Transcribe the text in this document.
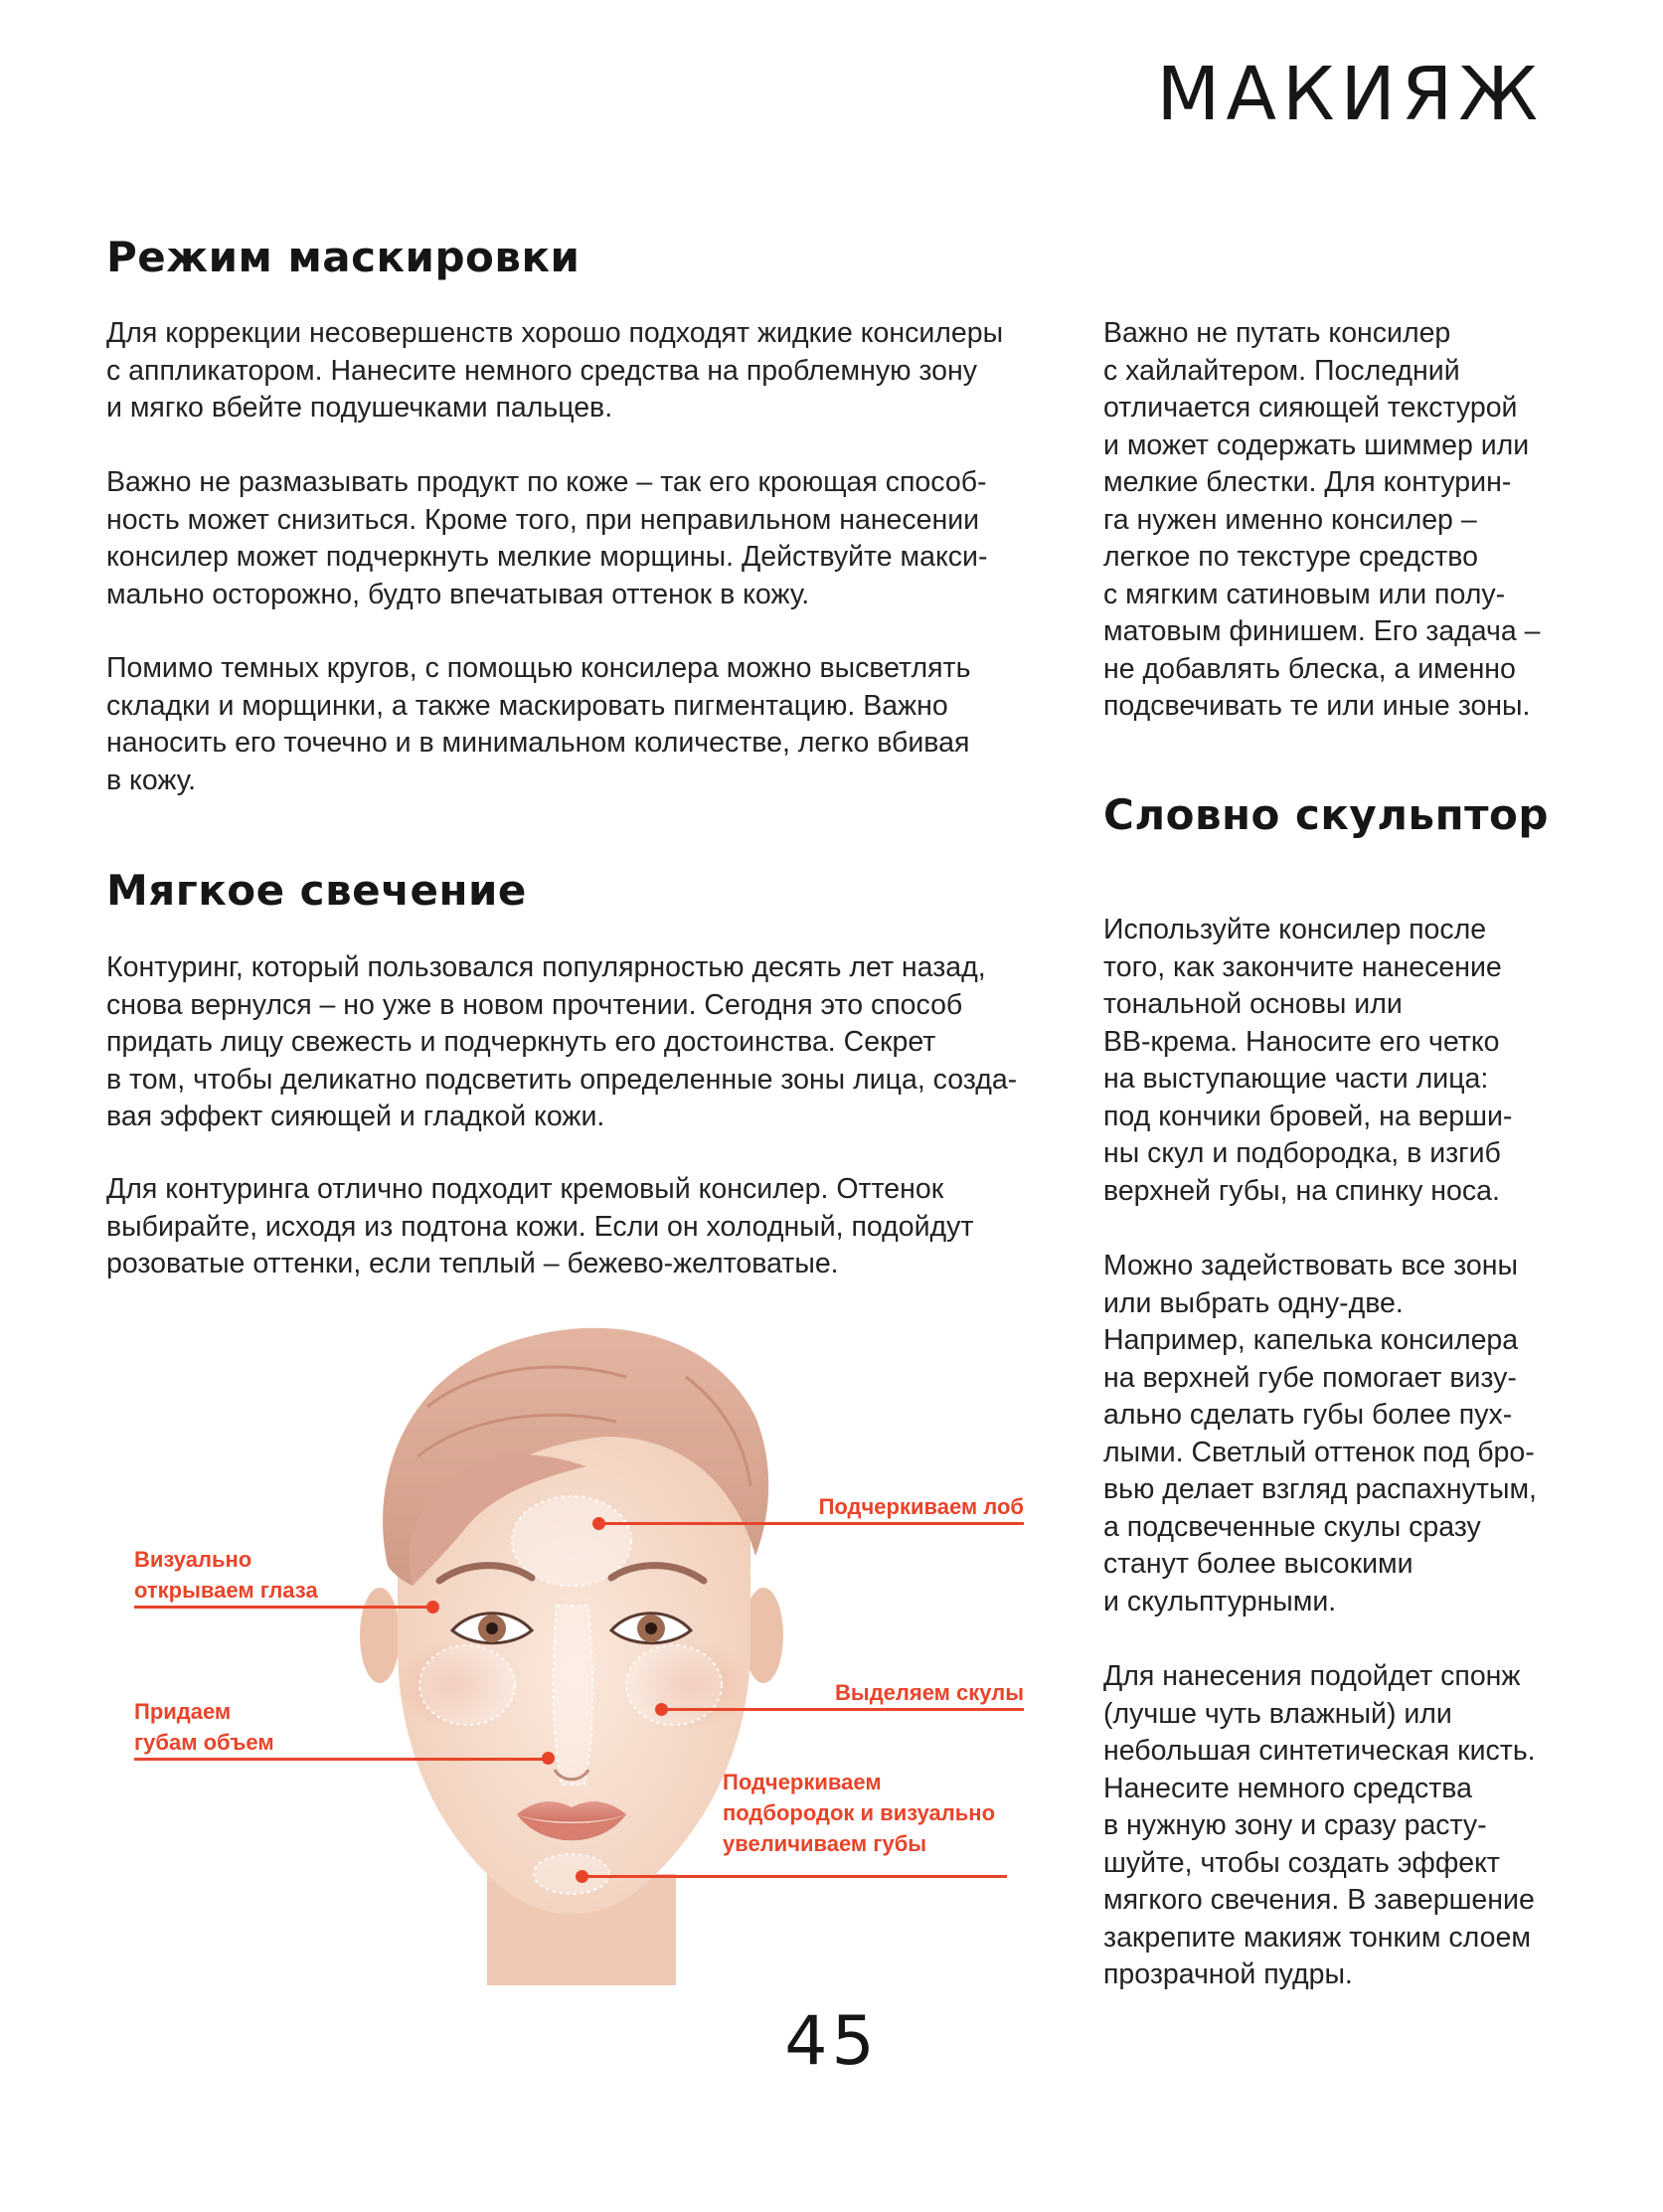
МАКИЯЖ
Режим маскировки

Для коррекции несовершенств хорошо подходят жидкие консилеры
с аппликатором. Нанесите немного средства на проблемную зону
и мягко вбейте подушечками пальцев.

Важно не размазывать продукт по коже – так его кроющая способ-
ность может снизиться. Кроме того, при неправильном нанесении
консилер может подчеркнуть мелкие морщины. Действуйте макси-
мально осторожно, будто впечатывая оттенок в кожу.

Помимо темных кругов, с помощью консилера можно высветлять
складки и морщинки, а также маскировать пигментацию. Важно
наносить его точечно и в минимальном количестве, легко вбивая
в кожу.

Мягкое свечение

Контуринг, который пользовался популярностью десять лет назад,
снова вернулся – но уже в новом прочтении. Сегодня это способ
придать лицу свежесть и подчеркнуть его достоинства. Секрет
в том, чтобы деликатно подсветить определенные зоны лица, созда-
вая эффект сияющей и гладкой кожи.

Для контуринга отлично подходит кремовый консилер. Оттенок
выбирайте, исходя из подтона кожи. Если он холодный, подойдут
розоватые оттенки, если теплый – бежево-желтоватые.

Важно не путать консилер
с хайлайтером. Последний
отличается сияющей текстурой
и может содержать шиммер или
мелкие блестки. Для контурин-
га нужен именно консилер –
легкое по текстуре средство
с мягким сатиновым или полу-
матовым финишем. Его задача –
не добавлять блеска, а именно
подсвечивать те или иные зоны.

Словно скульптор

Используйте консилер после
того, как закончите нанесение
тональной основы или
BB-крема. Наносите его четко
на выступающие части лица:
под кончики бровей, на верши-
ны скул и подбородка, в изгиб
верхней губы, на спинку носа.

Можно задействовать все зоны
или выбрать одну-две.
Например, капелька консилера
на верхней губе помогает визу-
ально сделать губы более пух-
лыми. Светлый оттенок под бро-
вью делает взгляд распахнутым,
а подсвеченные скулы сразу
станут более высокими
и скульптурными.

Для нанесения подойдет спонж
(лучше чуть влажный) или
небольшая синтетическая кисть.
Нанесите немного средства
в нужную зону и сразу расту-
шуйте, чтобы создать эффект
мягкого свечения. В завершение
закрепите макияж тонким слоем
прозрачной пудры.

Подчеркиваем лоб

Визуально
открываем глаза

Выделяем скулы

Придаем
губам объем

Подчеркиваем
подбородок и визуально
увеличиваем губы

45
